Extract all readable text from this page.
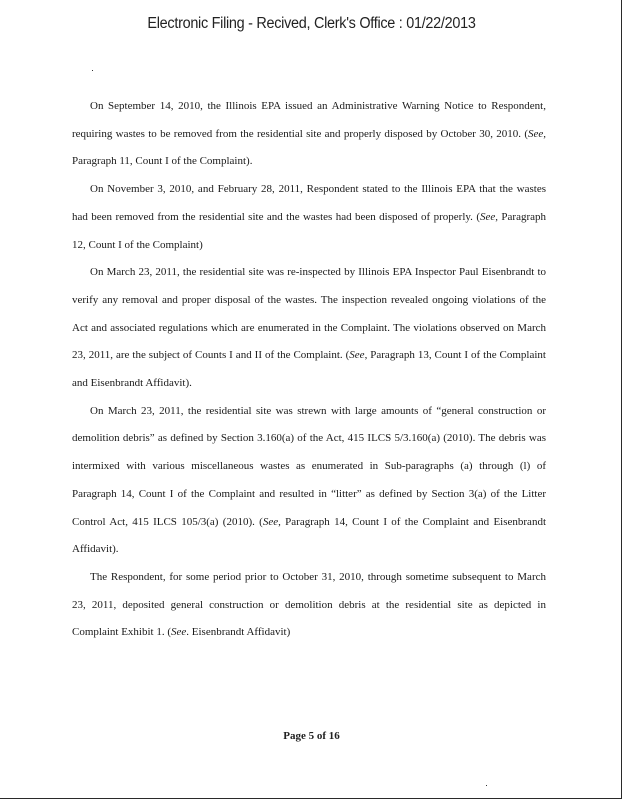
Electronic Filing - Recived, Clerk's Office : 01/22/2013

On September 14, 2010, the Illinois EPA issued an Administrative Warning Notice to Respondent, requiring wastes to be removed from the residential site and properly disposed by October 30, 2010. (See, Paragraph 11, Count I of the Complaint).

On November 3, 2010, and February 28, 2011, Respondent stated to the Illinois EPA that the wastes had been removed from the residential site and the wastes had been disposed of properly. (See, Paragraph 12, Count I of the Complaint)

On March 23, 2011, the residential site was re-inspected by Illinois EPA Inspector Paul Eisenbrandt to verify any removal and proper disposal of the wastes. The inspection revealed ongoing violations of the Act and associated regulations which are enumerated in the Complaint. The violations observed on March 23, 2011, are the subject of Counts I and II of the Complaint. (See, Paragraph 13, Count I of the Complaint and Eisenbrandt Affidavit).

On March 23, 2011, the residential site was strewn with large amounts of “general construction or demolition debris” as defined by Section 3.160(a) of the Act, 415 ILCS 5/3.160(a) (2010). The debris was intermixed with various miscellaneous wastes as enumerated in Sub-paragraphs (a) through (l) of Paragraph 14, Count I of the Complaint and resulted in “litter” as defined by Section 3(a) of the Litter Control Act, 415 ILCS 105/3(a) (2010). (See, Paragraph 14, Count I of the Complaint and Eisenbrandt Affidavit).

The Respondent, for some period prior to October 31, 2010, through sometime subsequent to March 23, 2011, deposited general construction or demolition debris at the residential site as depicted in Complaint Exhibit 1. (See. Eisenbrandt Affidavit)

Page 5 of 16
